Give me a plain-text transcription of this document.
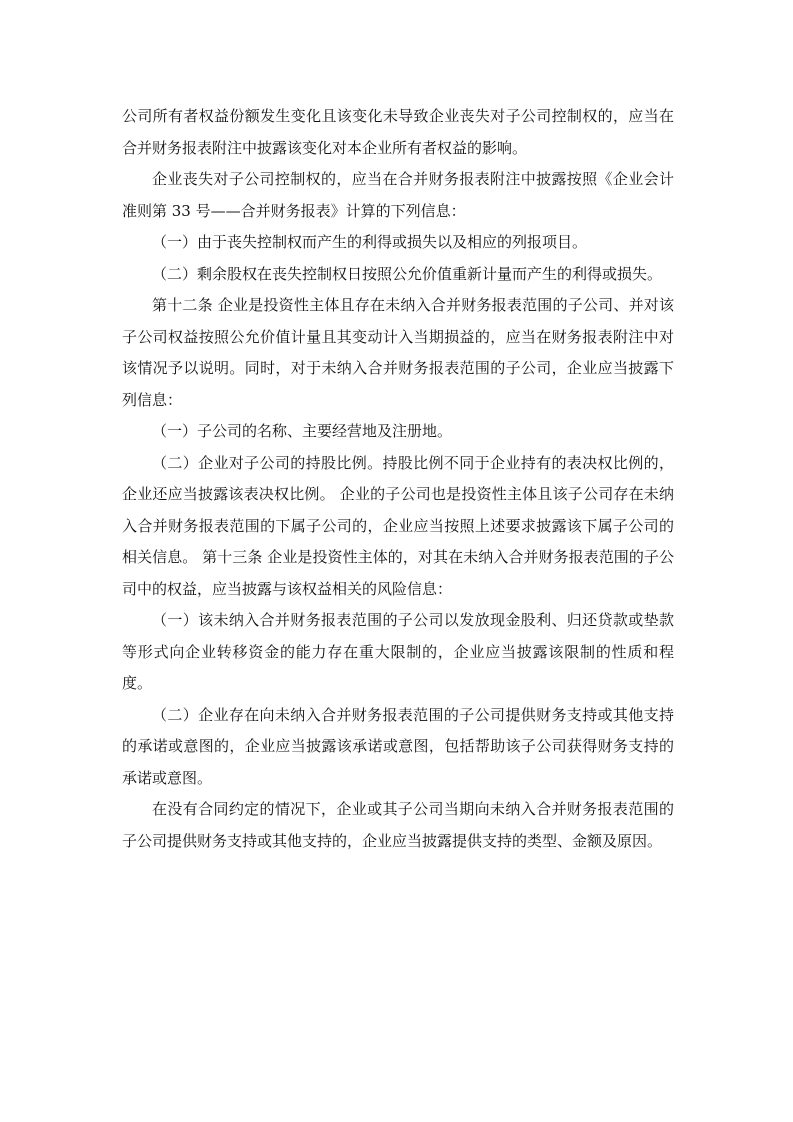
公司所有者权益份额发生变化且该变化未导致企业丧失对子公司控制权的，应当在合并财务报表附注中披露该变化对本企业所有者权益的影响。

企业丧失对子公司控制权的，应当在合并财务报表附注中披露按照《企业会计准则第 33 号——合并财务报表》计算的下列信息：

（一）由于丧失控制权而产生的利得或损失以及相应的列报项目。

（二）剩余股权在丧失控制权日按照公允价值重新计量而产生的利得或损失。

第十二条 企业是投资性主体且存在未纳入合并财务报表范围的子公司、并对该子公司权益按照公允价值计量且其变动计入当期损益的，应当在财务报表附注中对该情况予以说明。同时，对于未纳入合并财务报表范围的子公司，企业应当披露下列信息：

（一）子公司的名称、主要经营地及注册地。

（二）企业对子公司的持股比例。持股比例不同于企业持有的表决权比例的，企业还应当披露该表决权比例。 企业的子公司也是投资性主体且该子公司存在未纳入合并财务报表范围的下属子公司的，企业应当按照上述要求披露该下属子公司的相关信息。 第十三条 企业是投资性主体的，对其在未纳入合并财务报表范围的子公司中的权益，应当披露与该权益相关的风险信息：

（一）该未纳入合并财务报表范围的子公司以发放现金股利、归还贷款或垫款等形式向企业转移资金的能力存在重大限制的，企业应当披露该限制的性质和程度。

（二）企业存在向未纳入合并财务报表范围的子公司提供财务支持或其他支持的承诺或意图的，企业应当披露该承诺或意图，包括帮助该子公司获得财务支持的承诺或意图。

在没有合同约定的情况下，企业或其子公司当期向未纳入合并财务报表范围的子公司提供财务支持或其他支持的，企业应当披露提供支持的类型、金额及原因。
